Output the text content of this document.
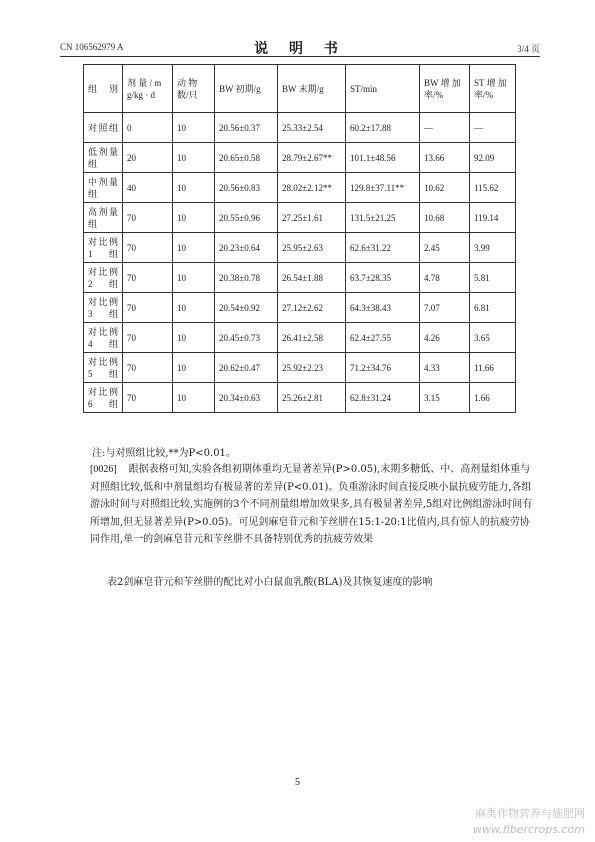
CN 106562979 A	说 明 书	3/4 页
组别	剂 量 / mg/kg · d	动 物 数/只	BW 初期/g	BW 末期/g	ST/min	BW 增 加率/%	ST 增 加率/%
对照组	0	10	20.56±0.37	25.33±2.54	60.2±17.88	—	—
低剂量组	20	10	20.65±0.58	28.79±2.67**	101.1±48.56	13.66	92.09
中剂量组	40	10	20.56±0.83	28.02±2.12**	129.8±37.11**	10.62	115.62
高剂量组	70	10	20.55±0.96	27.25±1.61	131.5±21.25	10.68	119.14
对比例1组	70	10	20.23±0.64	25.95±2.63	62.6±31.22	2.45	3.99
对比例2组	70	10	20.38±0.78	26.54±1.88	63.7±28.35	4.78	5.81
对比例3组	70	10	20.54±0.92	27.12±2.62	64.3±38.43	7.07	6.81
对比例4组	70	10	20.45±0.73	26.41±2.58	62.4±27.55	4.26	3.65
对比例5组	70	10	20.62±0.47	25.92±2.23	71.2±34.76	4.33	11.66
对比例6组	70	10	20.34±0.63	25.26±2.81	62.8±31.24	3.15	1.66
注:与对照组比较,**为P<0.01。

[0026] 跟据表格可知,实验各组初期体重均无显著差异(P>0.05),末期多糖低、中、高剂量组体重与对照组比较,低和中剂量组均有极显著的差异(P<0.01)。负重游泳时间直接反映小鼠抗疲劳能力,各组游泳时间与对照组比较,实施例的3个不同剂量组增加效果多,具有极显著差异,5组对比例组游泳时间有所增加,但无显著差异(P>0.05)。可见剑麻皂苷元和苄丝肼在15:1-20:1比值内,具有惊人的抗疲劳协同作用,单一的剑麻皂苷元和苄丝肼不具备特别优秀的抗疲劳效果

表2剑麻皂苷元和苄丝肼的配比对小白鼠血乳酸(BLA)及其恢复速度的影响
5
麻类作物营养与施肥网
www.fibercrops.com
